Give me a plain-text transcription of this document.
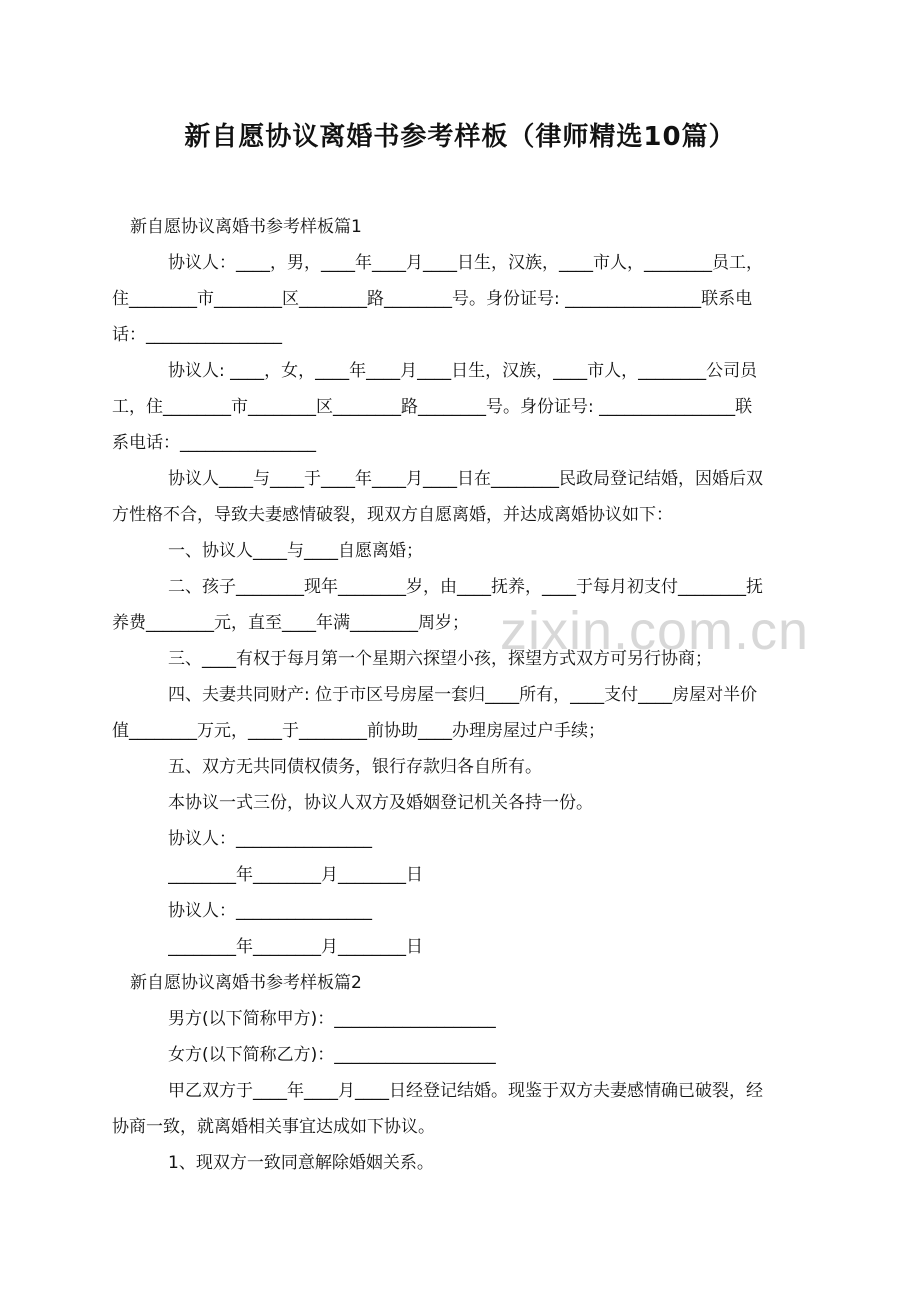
新自愿协议离婚书参考样板（律师精选10篇）
新自愿协议离婚书参考样板篇1
协议人：____，男，____年____月____日生，汉族，____市人，________员工，
住________市________区________路________号。身份证号: ________________联系电
话：________________
协议人: ____，女，____年____月____日生，汉族，____市人，________公司员
工，住________市________区________路________号。身份证号: ________________联
系电话：________________
协议人____与____于____年____月____日在________民政局登记结婚，因婚后双
方性格不合，导致夫妻感情破裂，现双方自愿离婚，并达成离婚协议如下：
一、协议人____与____自愿离婚；
二、孩子________现年________岁，由____抚养，____于每月初支付________抚
养费________元，直至____年满________周岁；
三、____有权于每月第一个星期六探望小孩，探望方式双方可另行协商；
四、夫妻共同财产: 位于市区号房屋一套归____所有，____支付____房屋对半价
值________万元，____于________前协助____办理房屋过户手续；
五、双方无共同债权债务，银行存款归各自所有。
本协议一式三份，协议人双方及婚姻登记机关各持一份。
协议人：________________
________年________月________日
协议人：________________
________年________月________日
新自愿协议离婚书参考样板篇2
男方(以下简称甲方)：___________________
女方(以下简称乙方)：___________________
甲乙双方于____年____月____日经登记结婚。现鉴于双方夫妻感情确已破裂，经
协商一致，就离婚相关事宜达成如下协议。
1、现双方一致同意解除婚姻关系。
zixin.com.cn
